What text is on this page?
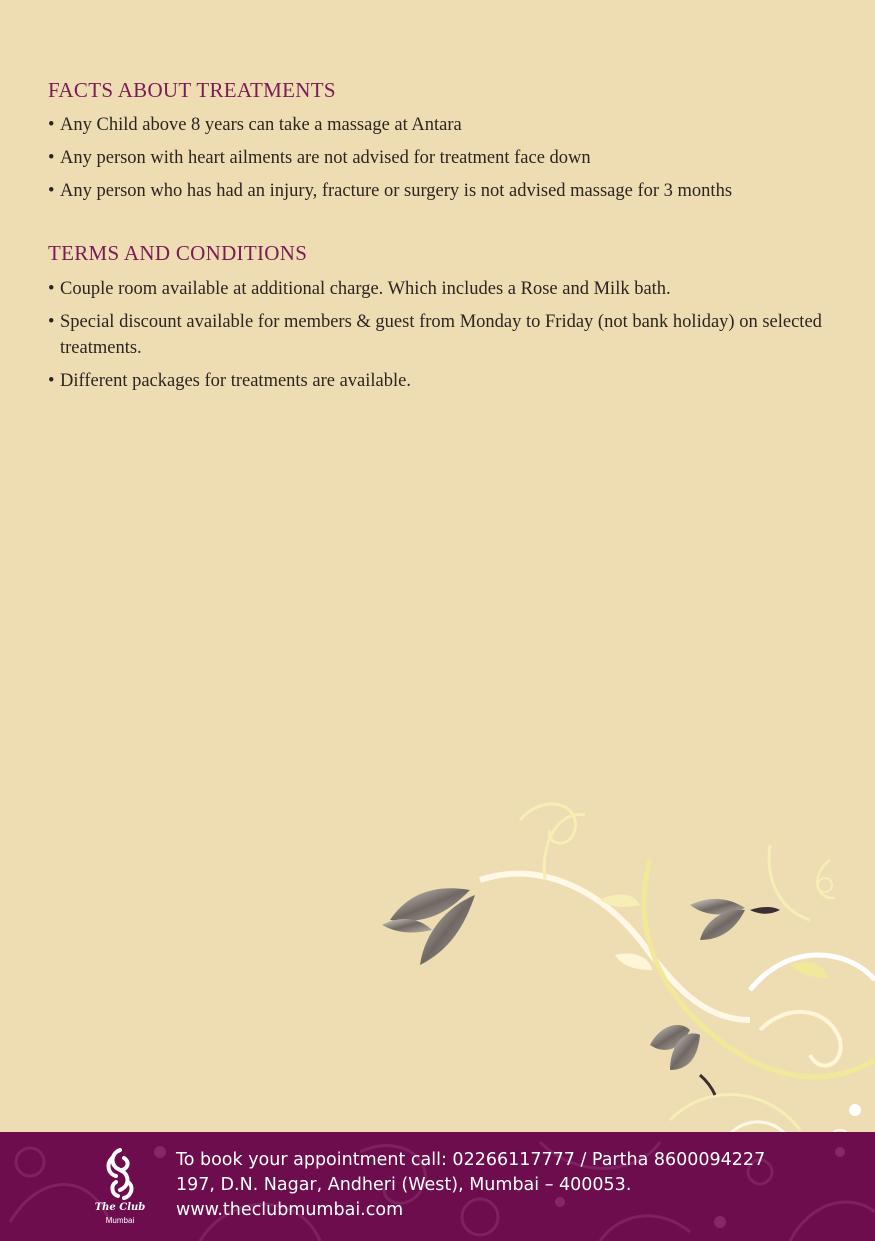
FACTS ABOUT TREATMENTS
• Any Child above 8 years can take a massage at Antara
• Any person with heart ailments are not advised for treatment face down
• Any person who has had an injury, fracture or surgery is not advised massage for 3 months
TERMS AND CONDITIONS
• Couple room available at additional charge. Which includes a Rose and Milk bath.
• Special discount available for members & guest from Monday to Friday (not bank holiday) on selected treatments.
• Different packages for treatments are available.
The Club
Mumbai
To book your appointment call: 02266117777 / Partha 8600094227
197, D.N. Nagar, Andheri (West), Mumbai – 400053.
www.theclubmumbai.com
